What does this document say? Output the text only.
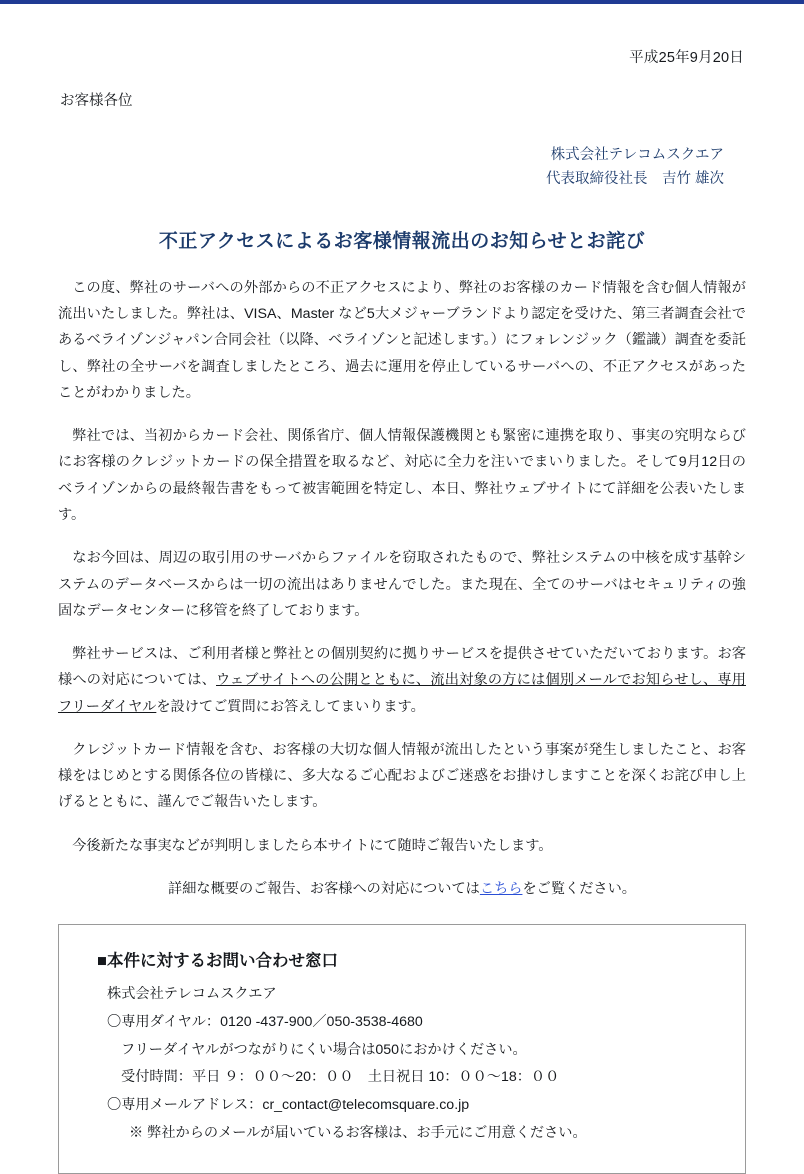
平成25年9月20日
お客様各位
株式会社テレコムスクエア
代表取締役社長　吉竹 雄次
不正アクセスによるお客様情報流出のお知らせとお詫び

この度、弊社のサーバへの外部からの不正アクセスにより、弊社のお客様のカード情報を含む個人情報が流出いたしました。弊社は、VISA、Master など5大メジャーブランドより認定を受けた、第三者調査会社であるベライゾンジャパン合同会社（以降、ベライゾンと記述します。）にフォレンジック（鑑識）調査を委託し、弊社の全サーバを調査しましたところ、過去に運用を停止しているサーバへの、不正アクセスがあったことがわかりました。

弊社では、当初からカード会社、関係省庁、個人情報保護機関とも緊密に連携を取り、事実の究明ならびにお客様のクレジットカードの保全措置を取るなど、対応に全力を注いでまいりました。そして9月12日のベライゾンからの最終報告書をもって被害範囲を特定し、本日、弊社ウェブサイトにて詳細を公表いたします。

なお今回は、周辺の取引用のサーバからファイルを窃取されたもので、弊社システムの中核を成す基幹システムのデータベースからは一切の流出はありませんでした。また現在、全てのサーバはセキュリティの強固なデータセンターに移管を終了しております。

弊社サービスは、ご利用者様と弊社との個別契約に拠りサービスを提供させていただいております。お客様への対応については、ウェブサイトへの公開とともに、流出対象の方には個別メールでお知らせし、専用フリーダイヤルを設けてご質問にお答えしてまいります。

クレジットカード情報を含む、お客様の大切な個人情報が流出したという事案が発生しましたこと、お客様をはじめとする関係各位の皆様に、多大なるご心配およびご迷惑をお掛けしますことを深くお詫び申し上げるとともに、謹んでご報告いたします。

今後新たな事実などが判明しましたら本サイトにて随時ご報告いたします。

詳細な概要のご報告、お客様への対応についてはこちらをご覧ください。

■本件に対するお問い合わせ窓口
株式会社テレコムスクエア
〇専用ダイヤル：0120 -437-900／050-3538-4680
フリーダイヤルがつながりにくい場合は050におかけください。
受付時間：平日 ９：００～20：００　土日祝日 10：００～18：００
〇専用メールアドレス：cr_contact@telecomsquare.co.jp
※ 弊社からのメールが届いているお客様は、お手元にご用意ください。
